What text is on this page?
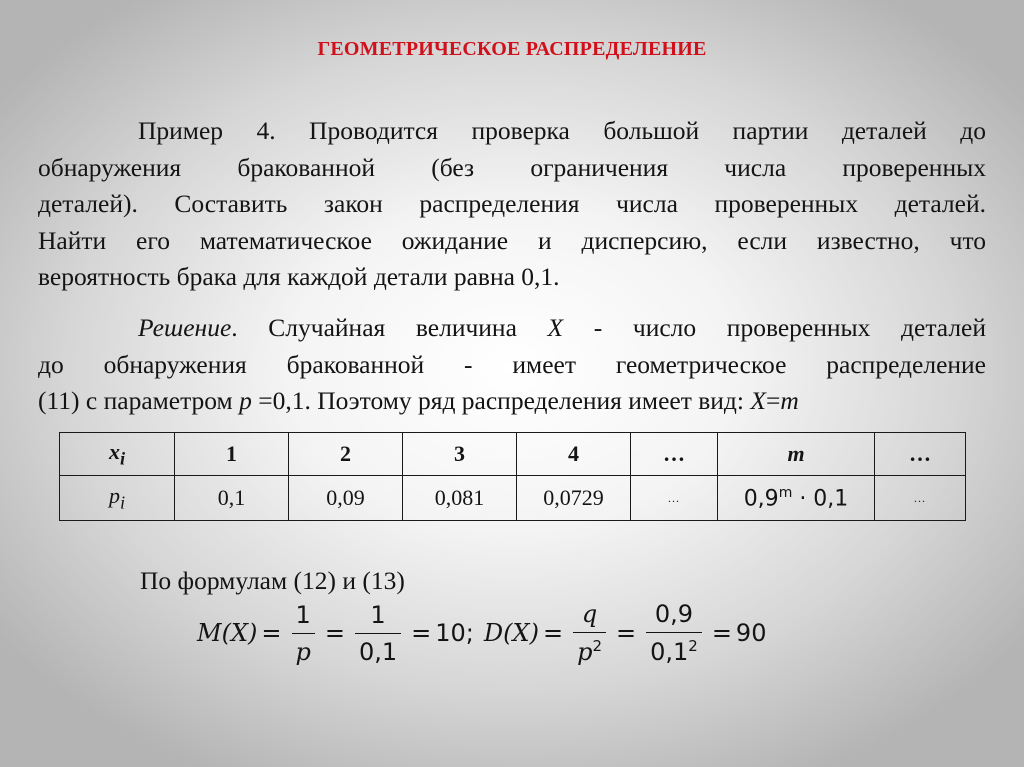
ГЕОМЕТРИЧЕСКОЕ РАСПРЕДЕЛЕНИЕ
Пример 4. Проводится проверка большой партии деталей до
обнаружения бракованной (без ограничения числа проверенных
деталей). Составить закон распределения числа проверенных деталей.
Найти его математическое ожидание и дисперсию, если известно, что
вероятность брака для каждой детали равна 0,1.
Решение. Случайная величина X - число проверенных деталей
до обнаружения бракованной - имеет геометрическое распределение
(11) с параметром p =0,1. Поэтому ряд распределения имеет вид: X=m
$x_i$	1	2	3	4	…	m	…
$p_i$	0,1	0,09	0,081	0,0729	…	$0,9^m \cdot 0,1$	…
По формулам (12) и (13)
$M(X) = \frac{1}{p} = \frac{1}{0,1} = 10$; $D(X) = \frac{q}{p^2} = \frac{0,9}{0,1^2} = 90$
